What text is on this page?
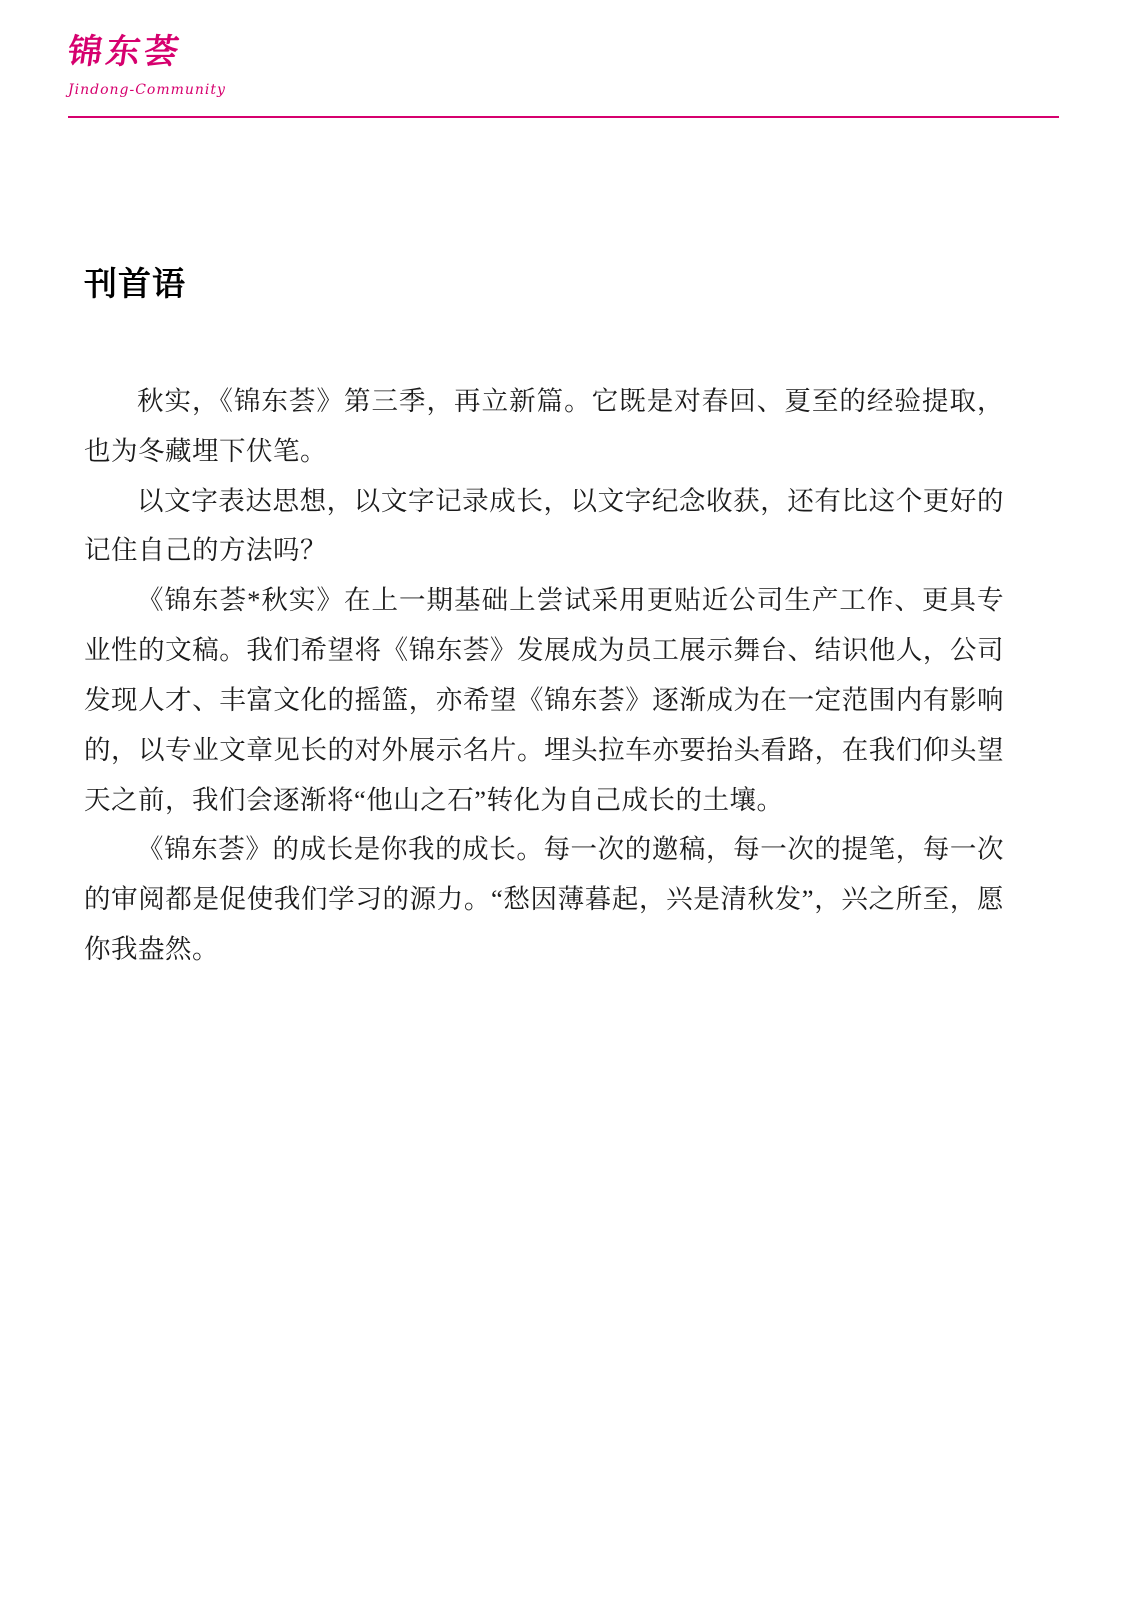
锦东荟
Jindong-Community
刊首语

秋实，《锦东荟》第三季，再立新篇。它既是对春回、夏至的经验提取，也为冬藏埋下伏笔。

以文字表达思想，以文字记录成长，以文字纪念收获，还有比这个更好的记住自己的方法吗？

《锦东荟*秋实》在上一期基础上尝试采用更贴近公司生产工作、更具专业性的文稿。我们希望将《锦东荟》发展成为员工展示舞台、结识他人，公司发现人才、丰富文化的摇篮，亦希望《锦东荟》逐渐成为在一定范围内有影响的，以专业文章见长的对外展示名片。埋头拉车亦要抬头看路，在我们仰头望天之前，我们会逐渐将“他山之石”转化为自己成长的土壤。

《锦东荟》的成长是你我的成长。每一次的邀稿，每一次的提笔，每一次的审阅都是促使我们学习的源力。“愁因薄暮起，兴是清秋发”，兴之所至，愿你我盎然。
